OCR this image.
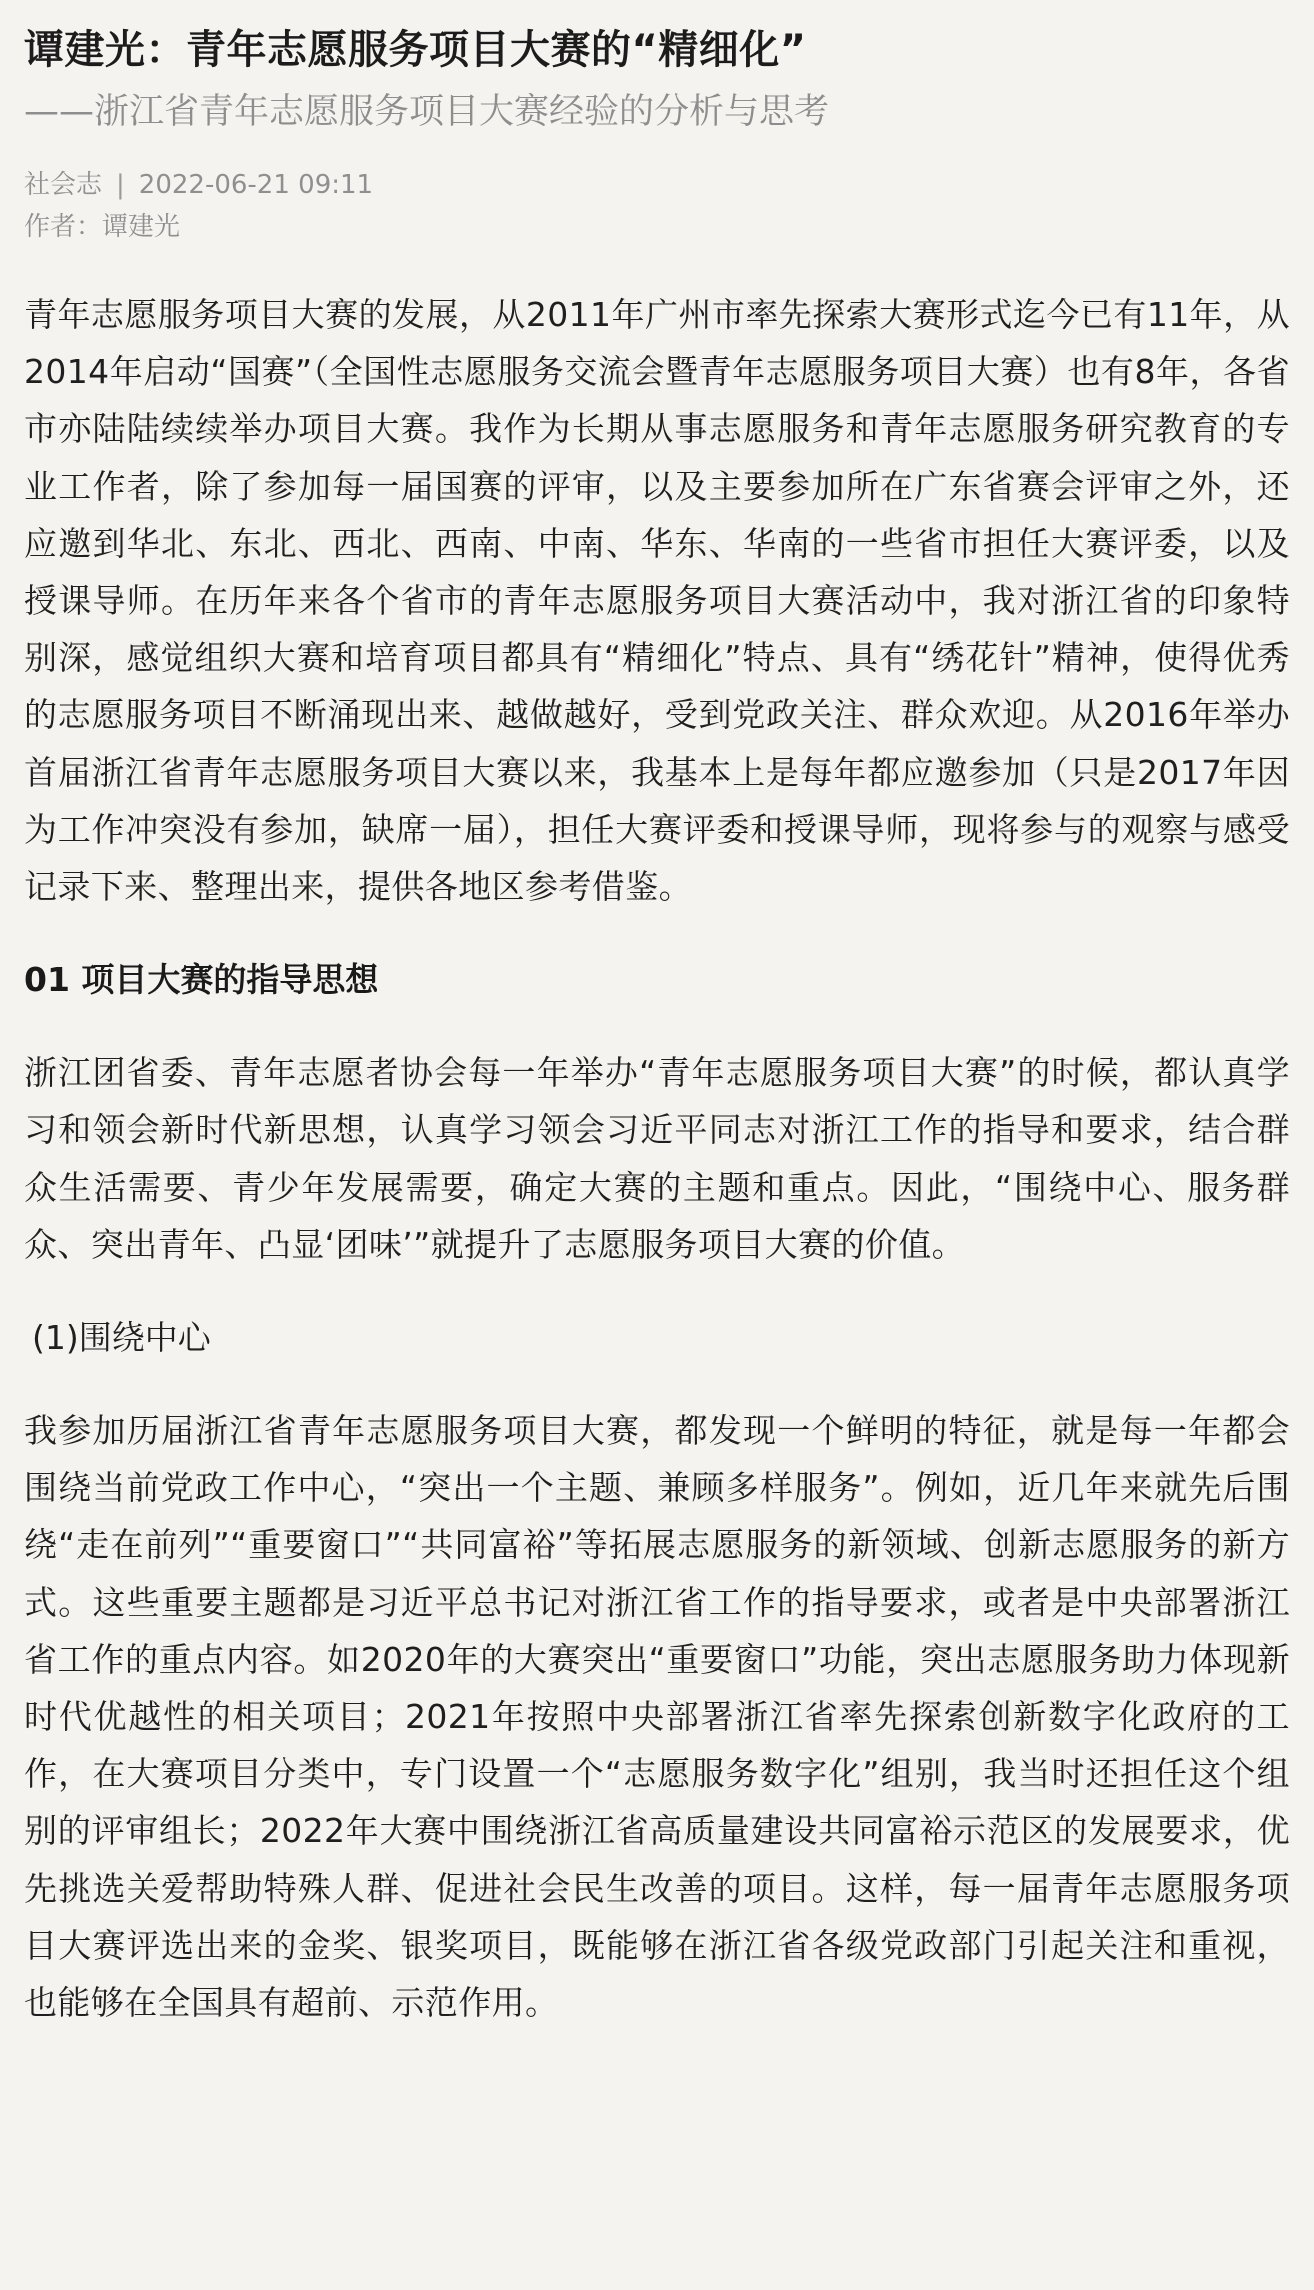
谭建光：青年志愿服务项目大赛的“精细化”
——浙江省青年志愿服务项目大赛经验的分析与思考
社会志 | 2022-06-21 09:11
作者：谭建光

青年志愿服务项目大赛的发展，从2011年广州市率先探索大赛形式迄今已有11年，从2014年启动“国赛”（全国性志愿服务交流会暨青年志愿服务项目大赛）也有8年，各省市亦陆陆续续举办项目大赛。我作为长期从事志愿服务和青年志愿服务研究教育的专业工作者，除了参加每一届国赛的评审，以及主要参加所在广东省赛会评审之外，还应邀到华北、东北、西北、西南、中南、华东、华南的一些省市担任大赛评委，以及授课导师。在历年来各个省市的青年志愿服务项目大赛活动中，我对浙江省的印象特别深，感觉组织大赛和培育项目都具有“精细化”特点、具有“绣花针”精神，使得优秀的志愿服务项目不断涌现出来、越做越好，受到党政关注、群众欢迎。从2016年举办首届浙江省青年志愿服务项目大赛以来，我基本上是每年都应邀参加（只是2017年因为工作冲突没有参加，缺席一届），担任大赛评委和授课导师，现将参与的观察与感受记录下来、整理出来，提供各地区参考借鉴。

01 项目大赛的指导思想

浙江团省委、青年志愿者协会每一年举办“青年志愿服务项目大赛”的时候，都认真学习和领会新时代新思想，认真学习领会习近平同志对浙江工作的指导和要求，结合群众生活需要、青少年发展需要，确定大赛的主题和重点。因此，“围绕中心、服务群众、突出青年、凸显‘团味’”就提升了志愿服务项目大赛的价值。

(1)围绕中心

我参加历届浙江省青年志愿服务项目大赛，都发现一个鲜明的特征，就是每一年都会围绕当前党政工作中心，“突出一个主题、兼顾多样服务”。例如，近几年来就先后围绕“走在前列”“重要窗口”“共同富裕”等拓展志愿服务的新领域、创新志愿服务的新方式。这些重要主题都是习近平总书记对浙江省工作的指导要求，或者是中央部署浙江省工作的重点内容。如2020年的大赛突出“重要窗口”功能，突出志愿服务助力体现新时代优越性的相关项目；2021年按照中央部署浙江省率先探索创新数字化政府的工作，在大赛项目分类中，专门设置一个“志愿服务数字化”组别，我当时还担任这个组别的评审组长；2022年大赛中围绕浙江省高质量建设共同富裕示范区的发展要求，优先挑选关爱帮助特殊人群、促进社会民生改善的项目。这样，每一届青年志愿服务项目大赛评选出来的金奖、银奖项目，既能够在浙江省各级党政部门引起关注和重视，也能够在全国具有超前、示范作用。
